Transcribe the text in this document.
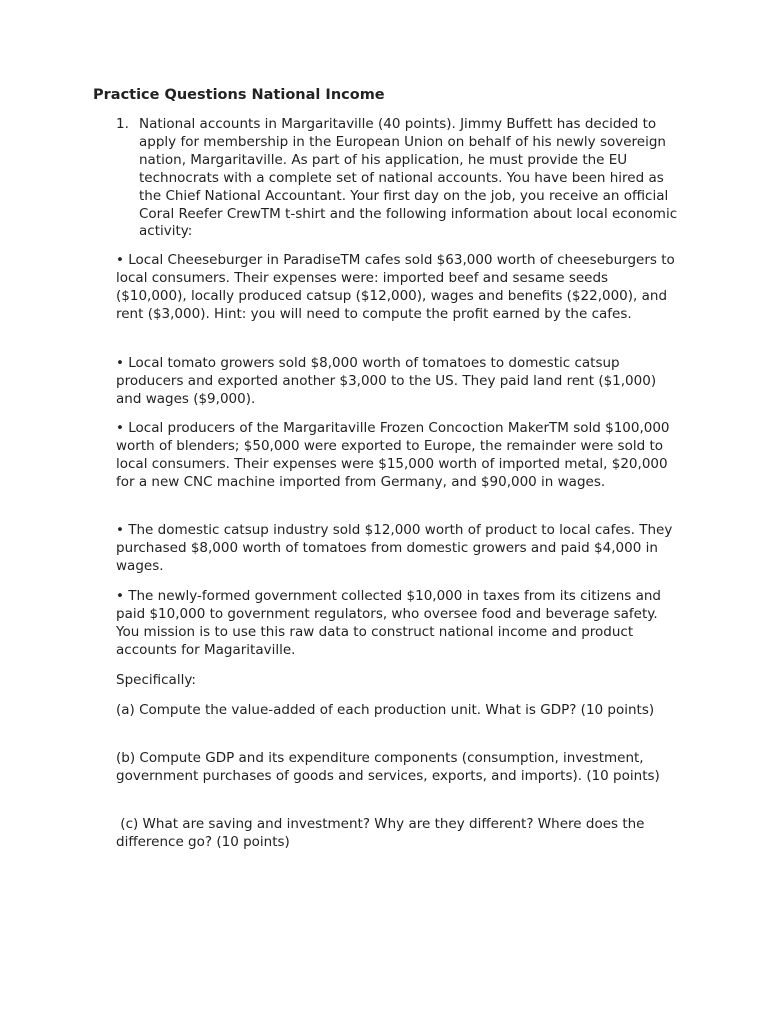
Practice Questions National Income
1. National accounts in Margaritaville (40 points). Jimmy Buffett has decided to apply for membership in the European Union on behalf of his newly sovereign nation, Margaritaville. As part of his application, he must provide the EU technocrats with a complete set of national accounts. You have been hired as the Chief National Accountant. Your first day on the job, you receive an official Coral Reefer CrewTM t-shirt and the following information about local economic activity:
• Local Cheeseburger in ParadiseTM cafes sold $63,000 worth of cheeseburgers to local consumers. Their expenses were: imported beef and sesame seeds ($10,000), locally produced catsup ($12,000), wages and benefits ($22,000), and rent ($3,000). Hint: you will need to compute the profit earned by the cafes.
• Local tomato growers sold $8,000 worth of tomatoes to domestic catsup producers and exported another $3,000 to the US. They paid land rent ($1,000) and wages ($9,000).
• Local producers of the Margaritaville Frozen Concoction MakerTM sold $100,000 worth of blenders; $50,000 were exported to Europe, the remainder were sold to local consumers. Their expenses were $15,000 worth of imported metal, $20,000 for a new CNC machine imported from Germany, and $90,000 in wages.
• The domestic catsup industry sold $12,000 worth of product to local cafes. They purchased $8,000 worth of tomatoes from domestic growers and paid $4,000 in wages.
• The newly-formed government collected $10,000 in taxes from its citizens and paid $10,000 to government regulators, who oversee food and beverage safety. You mission is to use this raw data to construct national income and product accounts for Magaritaville.
Specifically:
(a) Compute the value-added of each production unit. What is GDP? (10 points)
(b) Compute GDP and its expenditure components (consumption, investment, government purchases of goods and services, exports, and imports). (10 points)
(c) What are saving and investment? Why are they different? Where does the difference go? (10 points)
